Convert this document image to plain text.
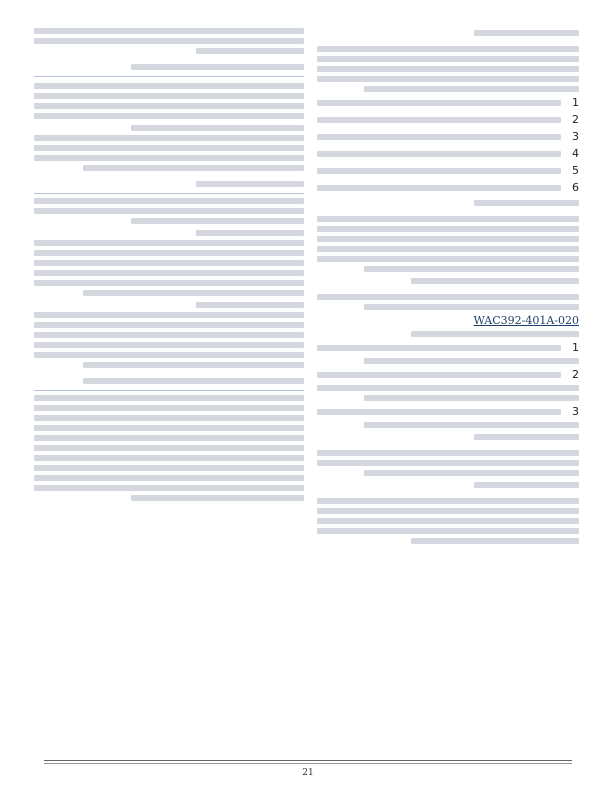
1
2
3
4
5
6
WAC392-401A-020
1
2
3
21
